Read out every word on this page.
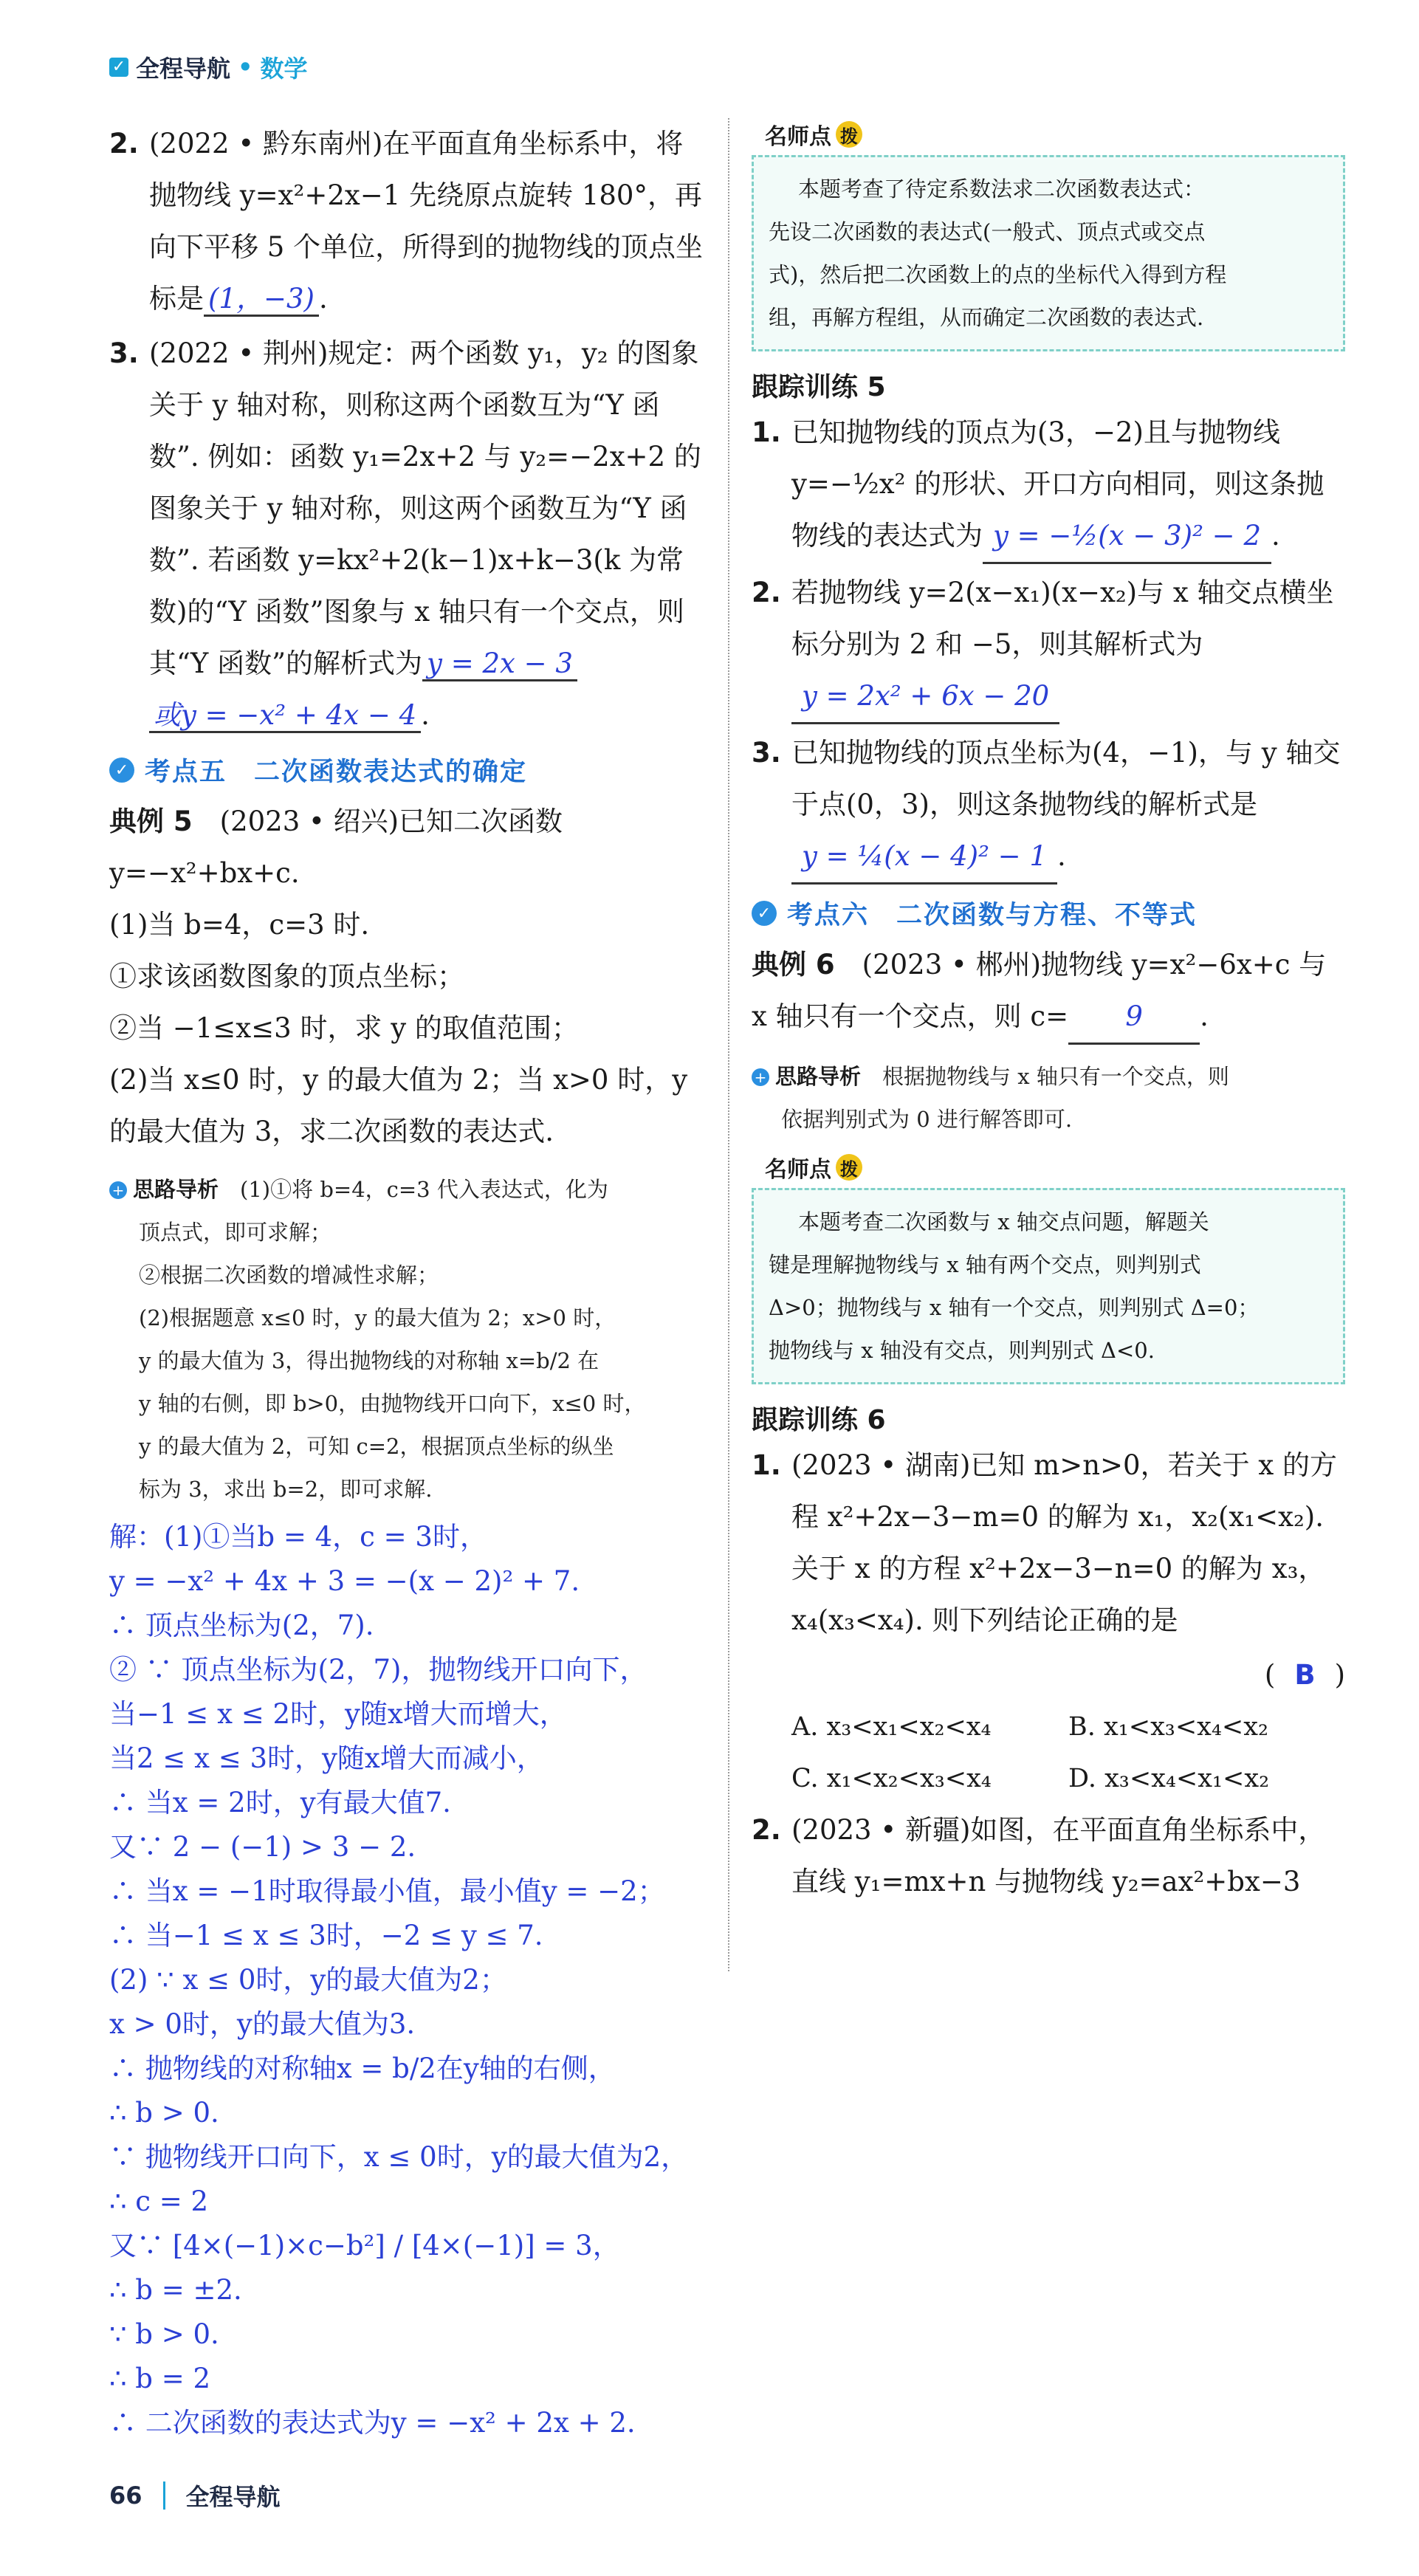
✓ 全程导航 • 数学
2. (2022 • 黔东南州)在平面直角坐标系中，将抛物线 y=x²+2x−1 先绕原点旋转 180°，再向下平移 5 个单位，所得到的抛物线的顶点坐标是 (1，−3) .
3. (2022 • 荆州)规定：两个函数 y₁，y₂ 的图象关于 y 轴对称，则称这两个函数互为“Y 函数”. 例如：函数 y₁=2x+2 与 y₂=−2x+2 的图象关于 y 轴对称，则这两个函数互为“Y 函数”. 若函数 y=kx²+2(k−1)x+k−3(k 为常数)的“Y 函数”图象与 x 轴只有一个交点，则其“Y 函数”的解析式为 y = 2x − 3
或y = −x² + 4x − 4 .
✓ 考点五　二次函数表达式的确定
典例 5　 (2023 • 绍兴)已知二次函数 y=−x²+bx+c.
(1)当 b=4，c=3 时.
①求该函数图象的顶点坐标；
②当 −1≤x≤3 时，求 y 的取值范围；
(2)当 x≤0 时，y 的最大值为 2；当 x>0 时，y 的最大值为 3，求二次函数的表达式.
+ 思路导析　 (1)①将 b=4，c=3 代入表达式，化为
顶点式，即可求解；
②根据二次函数的增减性求解；
(2)根据题意 x≤0 时，y 的最大值为 2；x>0 时，
y 的最大值为 3，得出抛物线的对称轴 x=b/2 在
y 轴的右侧，即 b>0，由抛物线开口向下，x≤0 时，
y 的最大值为 2，可知 c=2，根据顶点坐标的纵坐
标为 3，求出 b=2，即可求解.
解：(1)①当b = 4，c = 3时，
y = −x² + 4x + 3 = −(x − 2)² + 7.
∴ 顶点坐标为(2，7).
② ∵ 顶点坐标为(2，7)，抛物线开口向下，
当−1 ≤ x ≤ 2时，y随x增大而增大，
当2 ≤ x ≤ 3时，y随x增大而减小，
∴ 当x = 2时，y有最大值7.
又∵ 2 − (−1) > 3 − 2.
∴ 当x = −1时取得最小值，最小值y = −2；
∴ 当−1 ≤ x ≤ 3时，−2 ≤ y ≤ 7.
(2) ∵ x ≤ 0时，y的最大值为2；
x > 0时，y的最大值为3.
∴ 抛物线的对称轴x = b/2在y轴的右侧，
∴ b > 0.
∵ 抛物线开口向下，x ≤ 0时，y的最大值为2，
∴ c = 2
又∵ [4×(−1)×c−b²] / [4×(−1)] = 3，
∴ b = ±2.
∵ b > 0.
∴ b = 2
∴ 二次函数的表达式为y = −x² + 2x + 2.
名师点 拨
本题考查了待定系数法求二次函数表达式：
先设二次函数的表达式(一般式、顶点式或交点
式)，然后把二次函数上的点的坐标代入得到方程
组，再解方程组，从而确定二次函数的表达式.
跟踪训练 5
1. 已知抛物线的顶点为(3，−2)且与抛物线 y=−½x² 的形状、开口方向相同，则这条抛物线的表达式为 y = −½(x − 3)² − 2 .
2. 若抛物线 y=2(x−x₁)(x−x₂)与 x 轴交点横坐标分别为 2 和 −5，则其解析式为
y = 2x² + 6x − 20
3. 已知抛物线的顶点坐标为(4，−1)，与 y 轴交于点(0，3)，则这条抛物线的解析式是
y = ¼(x − 4)² − 1 .
✓ 考点六　二次函数与方程、不等式
典例 6　 (2023 • 郴州)抛物线 y=x²−6x+c 与 x 轴只有一个交点，则 c= 9 .
+ 思路导析　 根据抛物线与 x 轴只有一个交点，则
依据判别式为 0 进行解答即可.
名师点 拨
本题考查二次函数与 x 轴交点问题，解题关
键是理解抛物线与 x 轴有两个交点，则判别式
Δ>0；抛物线与 x 轴有一个交点，则判别式 Δ=0；
抛物线与 x 轴没有交点，则判别式 Δ<0.
跟踪训练 6
1. (2023 • 湖南)已知 m>n>0，若关于 x 的方程 x²+2x−3−m=0 的解为 x₁，x₂(x₁<x₂). 关于 x 的方程 x²+2x−3−n=0 的解为 x₃，x₄(x₃<x₄). 则下列结论正确的是
( B )
A. x₃<x₁<x₂<x₄	B. x₁<x₃<x₄<x₂
C. x₁<x₂<x₃<x₄	D. x₃<x₄<x₁<x₂
2. (2023 • 新疆)如图，在平面直角坐标系中，直线 y₁=mx+n 与抛物线 y₂=ax²+bx−3
66 全程导航
